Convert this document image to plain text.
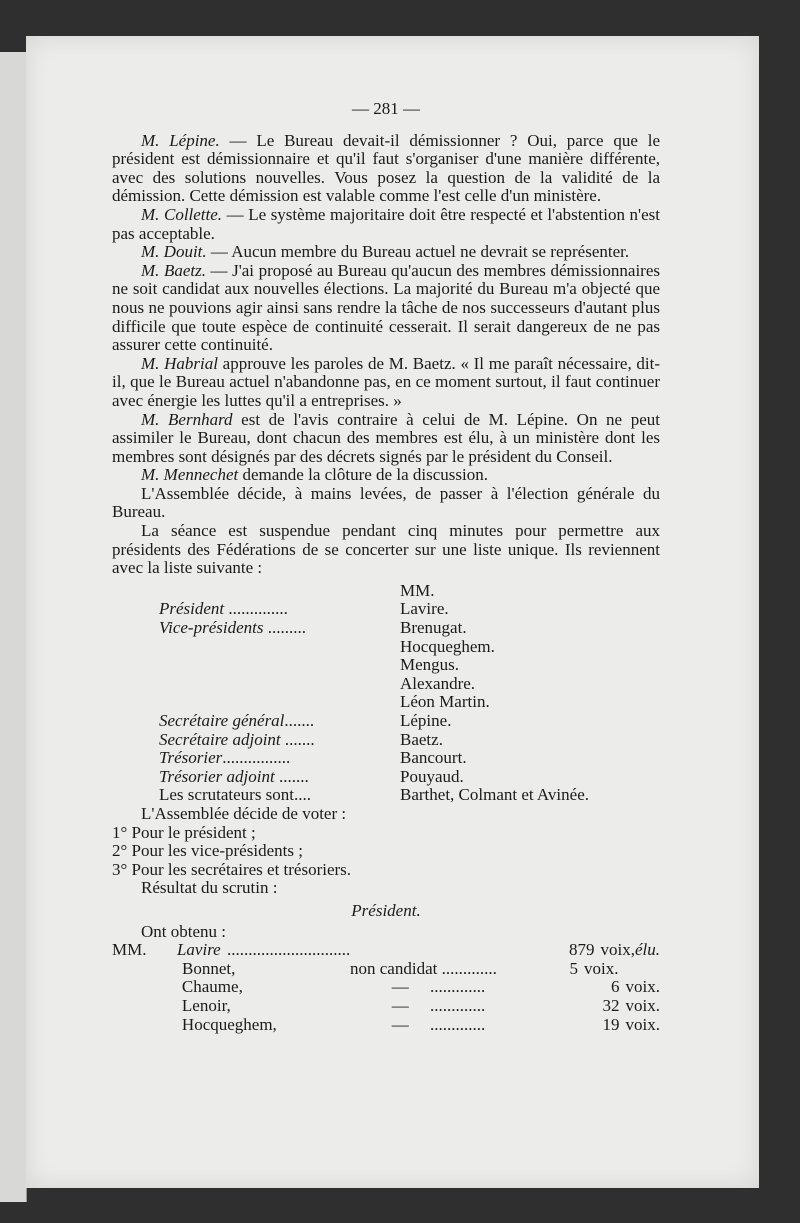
— 281 —

M. Lépine. — Le Bureau devait-il démissionner ? Oui, parce que le président est démissionnaire et qu'il faut s'organiser d'une manière différente, avec des solutions nouvelles. Vous posez la question de la validité de la démission. Cette démission est valable comme l'est celle d'un ministère.

M. Collette. — Le système majoritaire doit être respecté et l'abstention n'est pas acceptable.

M. Douit. — Aucun membre du Bureau actuel ne devrait se représenter.

M. Baetz. — J'ai proposé au Bureau qu'aucun des membres démissionnaires ne soit candidat aux nouvelles élections. La majorité du Bureau m'a objecté que nous ne pouvions agir ainsi sans rendre la tâche de nos successeurs d'autant plus difficile que toute espèce de continuité cesserait. Il serait dangereux de ne pas assurer cette continuité.

M. Habrial approuve les paroles de M. Baetz. « Il me paraît nécessaire, dit-il, que le Bureau actuel n'abandonne pas, en ce moment surtout, il faut continuer avec énergie les luttes qu'il a entreprises. »

M. Bernhard est de l'avis contraire à celui de M. Lépine. On ne peut assimiler le Bureau, dont chacun des membres est élu, à un ministère dont les membres sont désignés par des décrets signés par le président du Conseil.

M. Mennechet demande la clôture de la discussion.

L'Assemblée décide, à mains levées, de passer à l'élection générale du Bureau.

La séance est suspendue pendant cinq minutes pour permettre aux présidents des Fédérations de se concerter sur une liste unique. Ils reviennent avec la liste suivante :

MM.
Président ..............	Lavire.
Vice-présidents .........	Brenugat.
Hocqueghem.
Mengus.
Alexandre.
Léon Martin.
Secrétaire général.......	Lépine.
Secrétaire adjoint .......	Baetz.
Trésorier................	Bancourt.
Trésorier adjoint .......	Pouyaud.
Les scrutateurs sont....	Barthet, Colmant et Avinée.

L'Assemblée décide de voter :

1° Pour le président ;
2° Pour les vice-présidents ;
3° Pour les secrétaires et trésoriers.

Résultat du scrutin :

Président.

Ont obtenu :

MM.	Lavire .............................	879 voix, élu.
Bonnet,	non candidat .............	5 voix.
Chaume,	— .............	6 voix.
Lenoir,	— .............	32 voix.
Hocqueghem,	— .............	19 voix.
